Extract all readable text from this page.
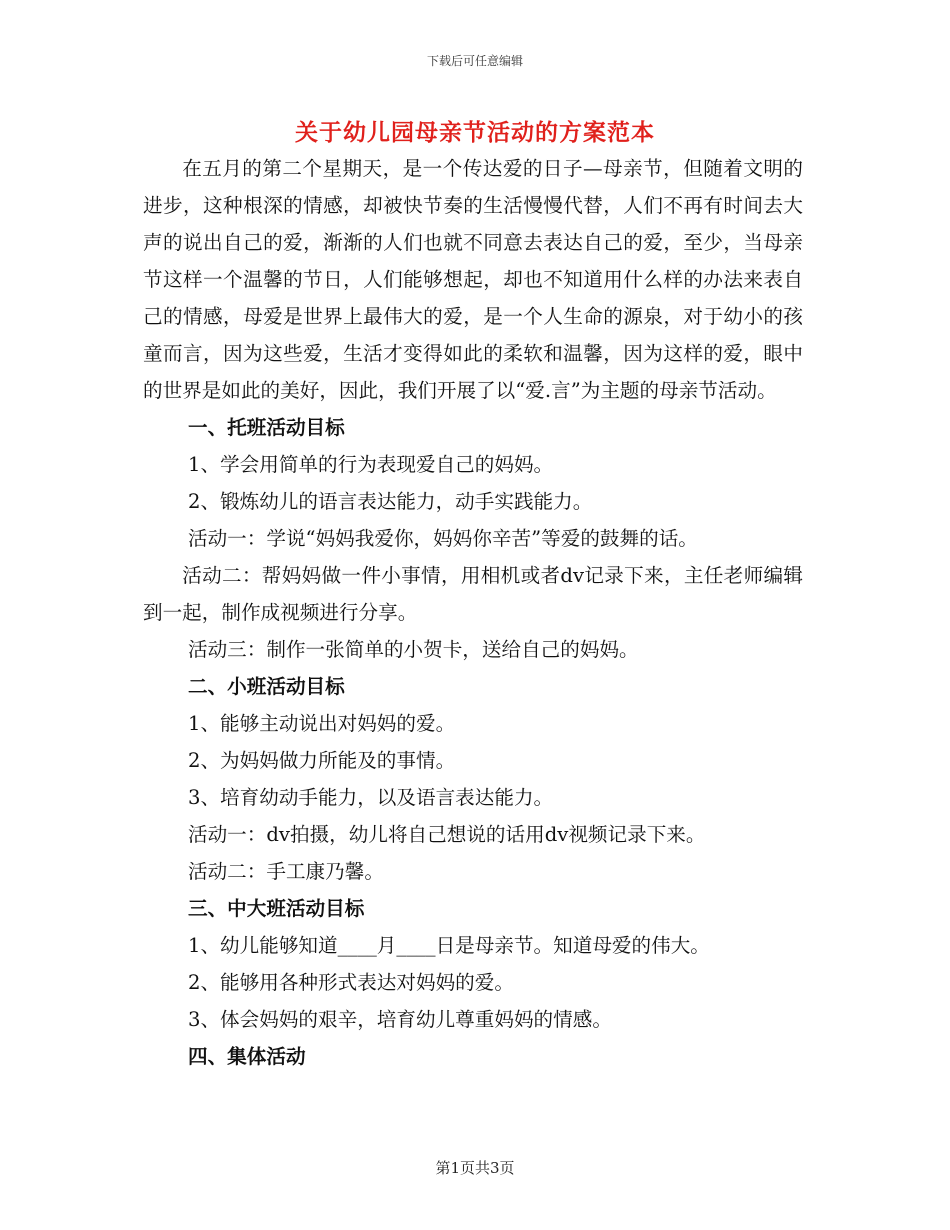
下载后可任意编辑
关于幼儿园母亲节活动的方案范本

在五月的第二个星期天，是一个传达爱的日子—母亲节，但随着文明的进步，这种根深的情感，却被快节奏的生活慢慢代替，人们不再有时间去大声的说出自己的爱，渐渐的人们也就不同意去表达自己的爱，至少，当母亲节这样一个温馨的节日，人们能够想起，却也不知道用什么样的办法来表自己的情感，母爱是世界上最伟大的爱，是一个人生命的源泉，对于幼小的孩童而言，因为这些爱，生活才变得如此的柔软和温馨，因为这样的爱，眼中的世界是如此的美好，因此，我们开展了以“爱.言”为主题的母亲节活动。

一、托班活动目标

1、学会用简单的行为表现爱自己的妈妈。

2、锻炼幼儿的语言表达能力，动手实践能力。

活动一：学说“妈妈我爱你，妈妈你辛苦”等爱的鼓舞的话。

活动二：帮妈妈做一件小事情，用相机或者dv记录下来，主任老师编辑到一起，制作成视频进行分享。

活动三：制作一张简单的小贺卡，送给自己的妈妈。

二、小班活动目标

1、能够主动说出对妈妈的爱。

2、为妈妈做力所能及的事情。

3、培育幼动手能力，以及语言表达能力。

活动一：dv拍摄，幼儿将自己想说的话用dv视频记录下来。

活动二：手工康乃馨。

三、中大班活动目标

1、幼儿能够知道____月____日是母亲节。知道母爱的伟大。

2、能够用各种形式表达对妈妈的爱。

3、体会妈妈的艰辛，培育幼儿尊重妈妈的情感。

四、集体活动

第1页共3页
